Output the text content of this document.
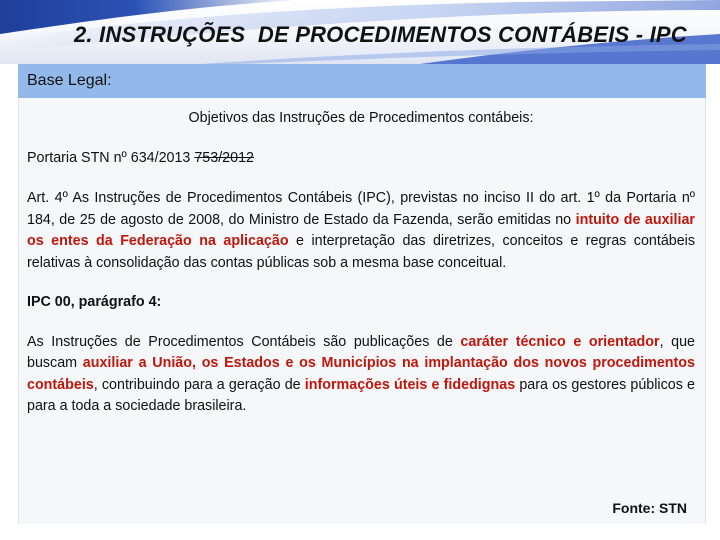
2. INSTRUÇÕES  DE PROCEDIMENTOS CONTÁBEIS - IPC
Base Legal:
Objetivos das Instruções de Procedimentos contábeis:
Portaria STN nº 634/2013 753/2012
Art. 4º As Instruções de Procedimentos Contábeis (IPC), previstas no inciso II do art. 1º da Portaria nº 184, de 25 de agosto de 2008, do Ministro de Estado da Fazenda, serão emitidas no intuito de auxiliar os entes da Federação na aplicação e interpretação das diretrizes, conceitos e regras contábeis relativas à consolidação das contas públicas sob a mesma base conceitual.
IPC 00, parágrafo 4:
As Instruções de Procedimentos Contábeis são publicações de caráter técnico e orientador, que buscam auxiliar a União, os Estados e os Municípios na implantação dos novos procedimentos contábeis, contribuindo para a geração de informações úteis e fidedignas para os gestores públicos e para a toda a sociedade brasileira.
Fonte: STN
